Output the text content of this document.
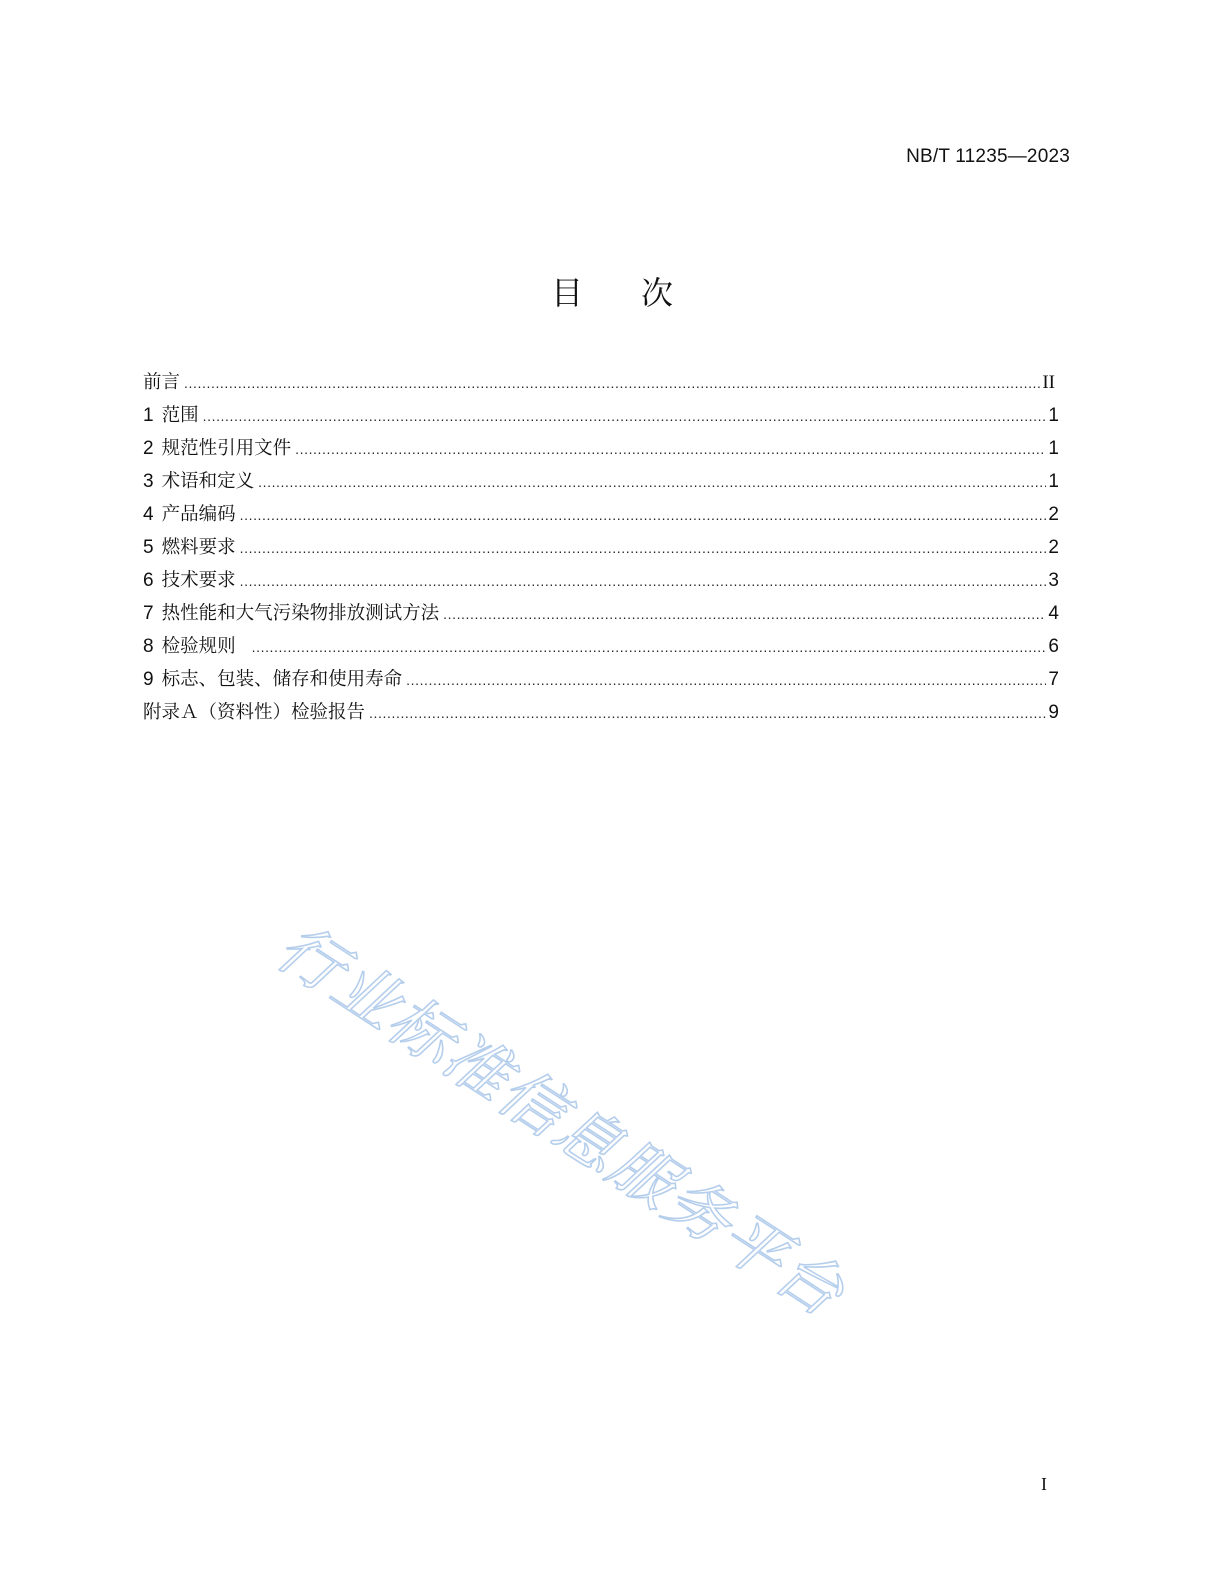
NB/T 11235—2023
目 次
前言 .....	II
1 范围 .....	1
2 规范性引用文件 .....	1
3 术语和定义 .....	1
4 产品编码 .....	2
5 燃料要求 .....	2
6 技术要求 .....	3
7 热性能和大气污染物排放测试方法 .....	4
8 检验规则 .....	6
9 标志、包装、储存和使用寿命 .....	7
附录Ａ（资料性）检验报告 .....	9
行业标准信息服务平台
I
